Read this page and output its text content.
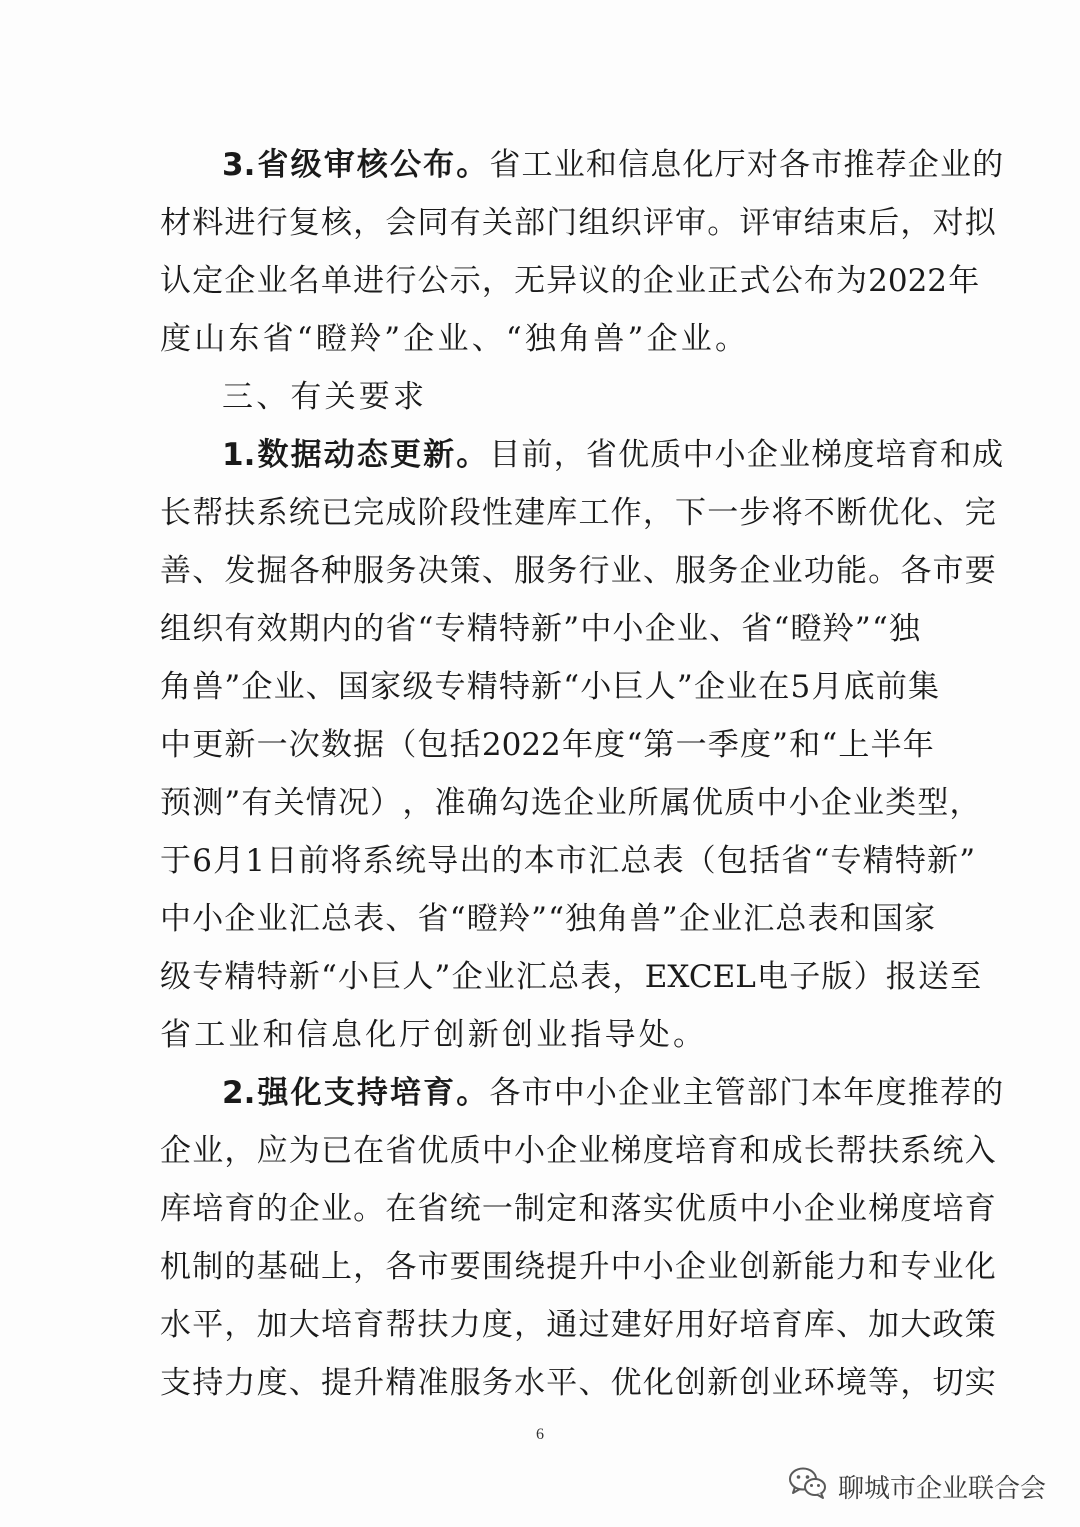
3. 省 级 审 核 公 布 。 省 工 业 和 信 息 化 厅 对 各 市 推 荐 企 业 的
材 料 进 行 复 核 ， 会 同 有 关 部 门 组 织 评 审 。 评 审 结 束 后 ， 对 拟
认 定 企 业 名 单 进 行 公 示 ， 无 异 议 的 企 业 正 式 公 布 为 2022 年
度山东省“瞪羚”企业、“独角兽”企业。
三、有关要求
1. 数 据 动 态 更 新 。 目 前 ， 省 优 质 中 小 企 业 梯 度 培 育 和 成
长 帮 扶 系 统 已 完 成 阶 段 性 建 库 工 作 ， 下 一 步 将 不 断 优 化 、 完
善 、 发 掘 各 种 服 务 决 策 、 服 务 行 业 、 服 务 企 业 功 能 。 各 市 要
组 织 有 效 期 内 的 省 “ 专 精 特 新 ” 中 小 企 业 、 省 “ 瞪 羚 ” “ 独
角 兽 ” 企 业 、 国 家 级 专 精 特 新 “ 小 巨 人 ” 企 业 在 5 月 底 前 集
中 更 新 一 次 数 据 （ 包 括 2022 年 度 “ 第 一 季 度 ” 和 “ 上 半 年
预 测 ” 有 关 情 况 ） ， 准 确 勾 选 企 业 所 属 优 质 中 小 企 业 类 型 ，
于 6 月 1 日 前 将 系 统 导 出 的 本 市 汇 总 表 （ 包 括 省 “ 专 精 特 新 ”
中 小 企 业 汇 总 表 、 省 “ 瞪 羚 ” “ 独 角 兽 ” 企 业 汇 总 表 和 国 家
级 专 精 特 新 “ 小 巨 人 ” 企 业 汇 总 表 ， EXCEL 电 子 版 ） 报 送 至
省工业和信息化厅创新创业指导处。
2. 强 化 支 持 培 育 。 各 市 中 小 企 业 主 管 部 门 本 年 度 推 荐 的
企 业 ， 应 为 已 在 省 优 质 中 小 企 业 梯 度 培 育 和 成 长 帮 扶 系 统 入
库 培 育 的 企 业 。 在 省 统 一 制 定 和 落 实 优 质 中 小 企 业 梯 度 培 育
机 制 的 基 础 上 ， 各 市 要 围 绕 提 升 中 小 企 业 创 新 能 力 和 专 业 化
水 平 ， 加 大 培 育 帮 扶 力 度 ， 通 过 建 好 用 好 培 育 库 、 加 大 政 策
支 持 力 度 、 提 升 精 准 服 务 水 平 、 优 化 创 新 创 业 环 境 等 ， 切 实
6
聊城市企业联合会
